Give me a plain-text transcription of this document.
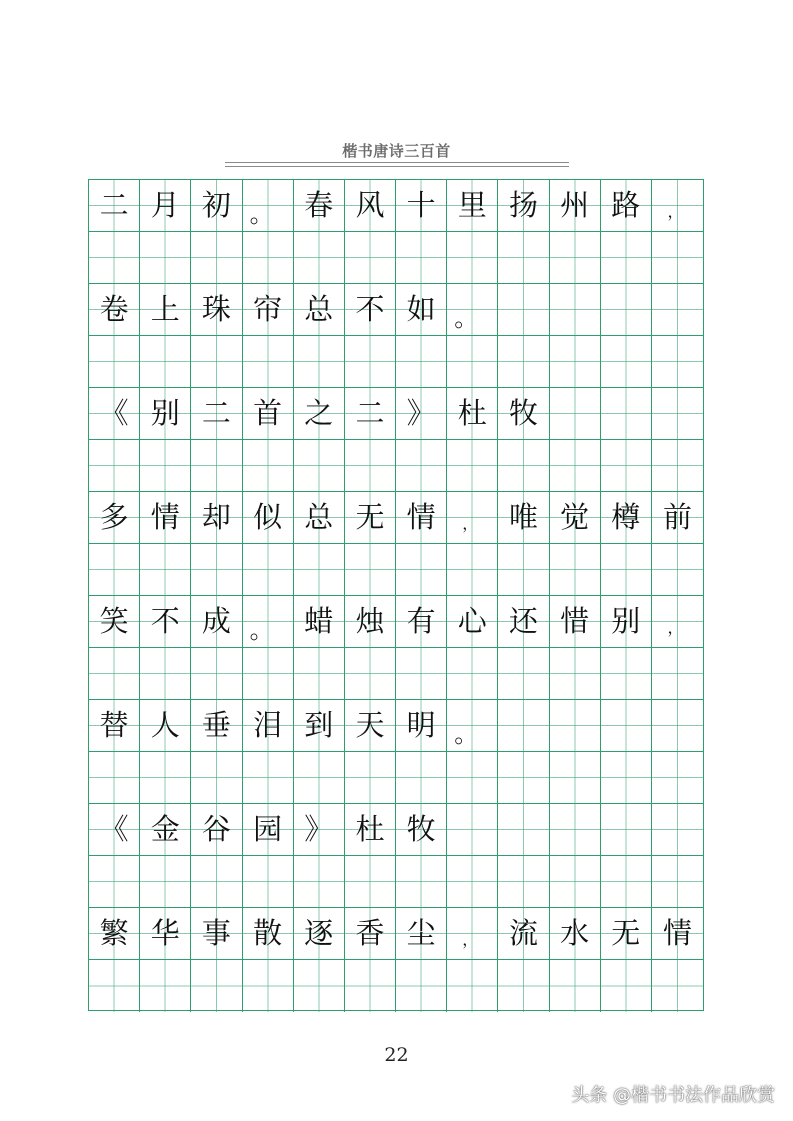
楷书唐诗三百首
二 月 初 。 春 风 十 里 扬 州 路 ，
卷 上 珠 帘 总 不 如 。
《 别 二 首 之 二 》 杜 牧
多 情 却 似 总 无 情 ， 唯 觉 樽 前
笑 不 成 。 蜡 烛 有 心 还 惜 别 ，
替 人 垂 泪 到 天 明 。
《 金 谷 园 》 杜 牧
繁 华 事 散 逐 香 尘 ， 流 水 无 情
22
头条 @楷书书法作品欣赏
